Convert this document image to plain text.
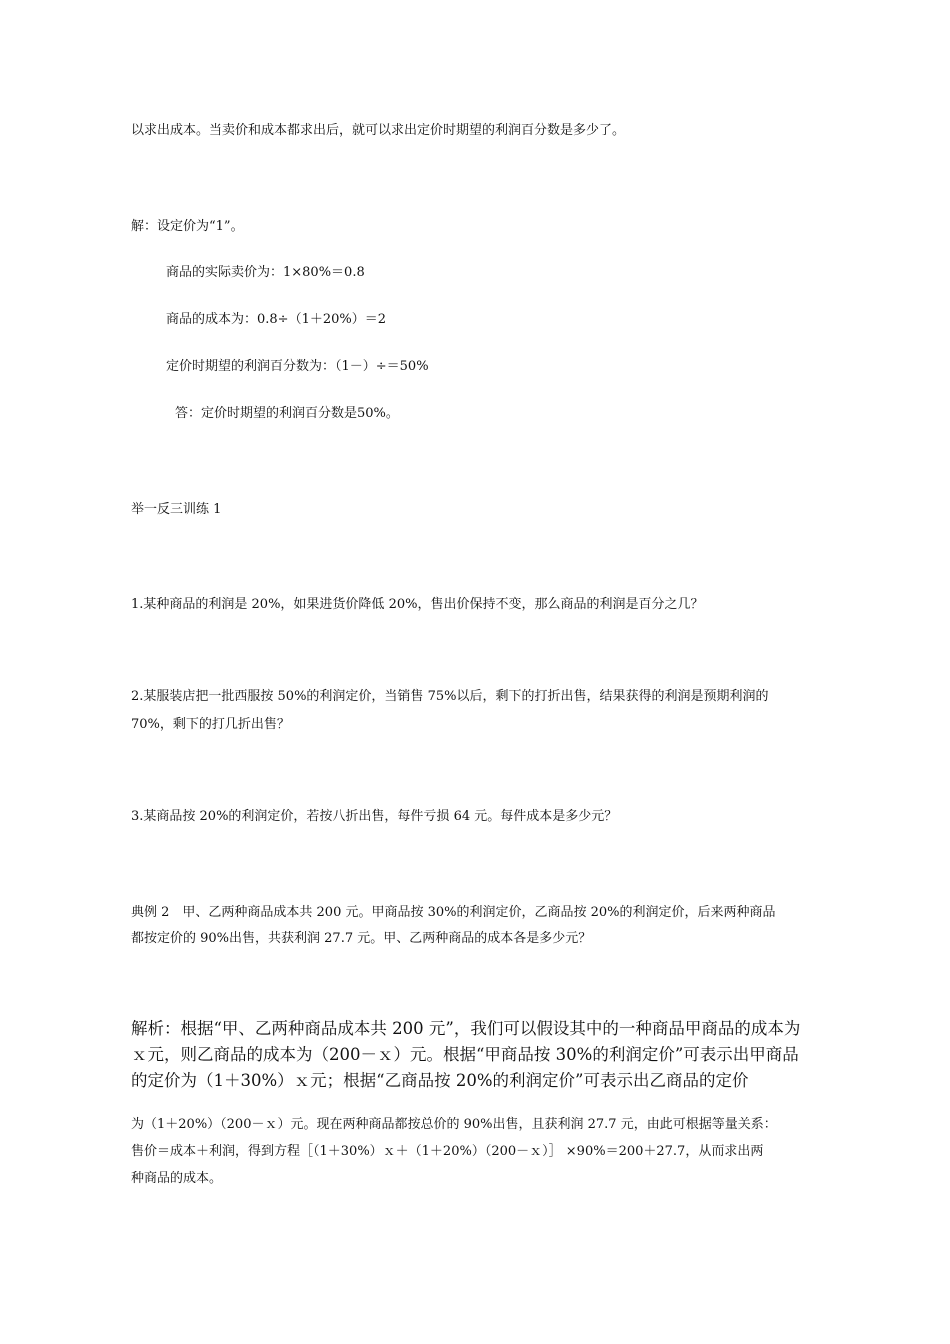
以求出成本。当卖价和成本都求出后，就可以求出定价时期望的利润百分数是多少了。
解：设定价为“1”。
商品的实际卖价为：1×80%＝0.8
商品的成本为：0.8÷（1＋20%）＝2
定价时期望的利润百分数为：（1－）÷＝50%
答：定价时期望的利润百分数是50%。
举一反三训练 1
1.某种商品的利润是 20%，如果进货价降低 20%，售出价保持不变，那么商品的利润是百分之几？
2.某服装店把一批西服按 50%的利润定价，当销售 75%以后，剩下的打折出售，结果获得的利润是预期利润的
70%，剩下的打几折出售？
3.某商品按 20%的利润定价，若按八折出售，每件亏损 64 元。每件成本是多少元？
典例 2　甲、乙两种商品成本共 200 元。甲商品按 30%的利润定价，乙商品按 20%的利润定价，后来两种商品
都按定价的 90%出售，共获利润 27.7 元。甲、乙两种商品的成本各是多少元？
解析：根据“甲、乙两种商品成本共 200 元”，我们可以假设其中的一种商品甲商品的成本为
ｘ元，则乙商品的成本为（200－ｘ）元。根据“甲商品按 30%的利润定价”可表示出甲商品
的定价为（1＋30%）ｘ元；根据“乙商品按 20%的利润定价”可表示出乙商品的定价
为（1＋20%）（200－ｘ）元。现在两种商品都按总价的 90%出售，且获利润 27.7 元，由此可根据等量关系：
售价＝成本＋利润，得到方程［（1＋30%）ｘ＋（1＋20%）（200－ｘ）］ ×90%＝200＋27.7，从而求出两
种商品的成本。
